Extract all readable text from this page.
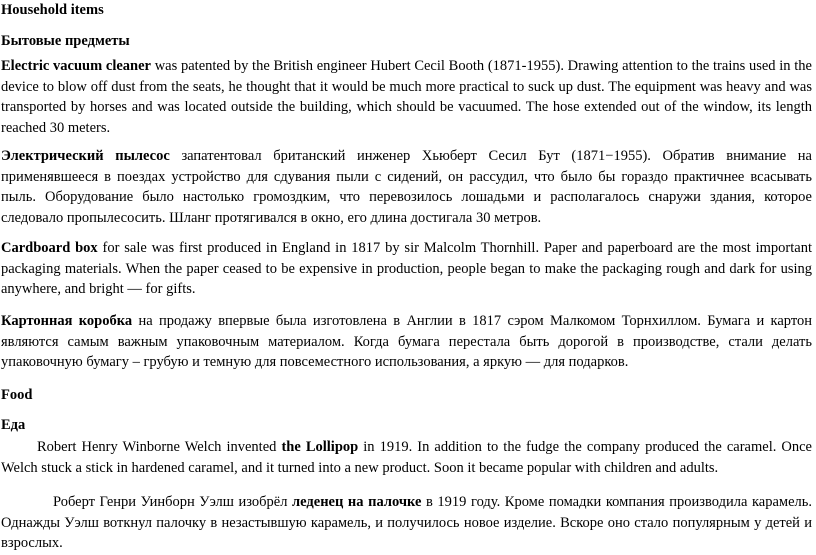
Household items

Бытовые предметы

Electric vacuum cleaner was patented by the British engineer Hubert Cecil Booth (1871-1955). Drawing attention to the trains used in the device to blow off dust from the seats, he thought that it would be much more practical to suck up dust. The equipment was heavy and was transported by horses and was located outside the building, which should be vacuumed. The hose extended out of the window, its length reached 30 meters.

Электрический пылесос запатентовал британский инженер Хьюберт Сесил Бут (1871−1955). Обратив внимание на применявшееся в поездах устройство для сдувания пыли с сидений, он рассудил, что было бы гораздо практичнее всасывать пыль. Оборудование было настолько громоздким, что перевозилось лошадьми и располагалось снаружи здания, которое следовало пропылесосить. Шланг протягивался в окно, его длина достигала 30 метров.

Cardboard box for sale was first produced in England in 1817 by sir Malcolm Thornhill. Paper and paperboard are the most important packaging materials. When the paper ceased to be expensive in production, people began to make the packaging rough and dark for using anywhere, and bright — for gifts.

Картонная коробка на продажу впервые была изготовлена в Англии в 1817 сэром Малкомом Торнхиллом. Бумага и картон являются самым важным упаковочным материалом. Когда бумага перестала быть дорогой в производстве, стали делать упаковочную бумагу – грубую и темную для повсеместного использования, а яркую — для подарков.

Food

Еда

Robert Henry Winborne Welch invented the Lollipop in 1919. In addition to the fudge the company produced the caramel. Once Welch stuck a stick in hardened caramel, and it turned into a new product. Soon it became popular with children and adults.

Роберт Генри Уинборн Уэлш изобрёл леденец на палочке в 1919 году. Кроме помадки компания производила карамель. Однажды Уэлш воткнул палочку в незастывшую карамель, и получилось новое изделие. Вскоре оно стало популярным у детей и взрослых.
